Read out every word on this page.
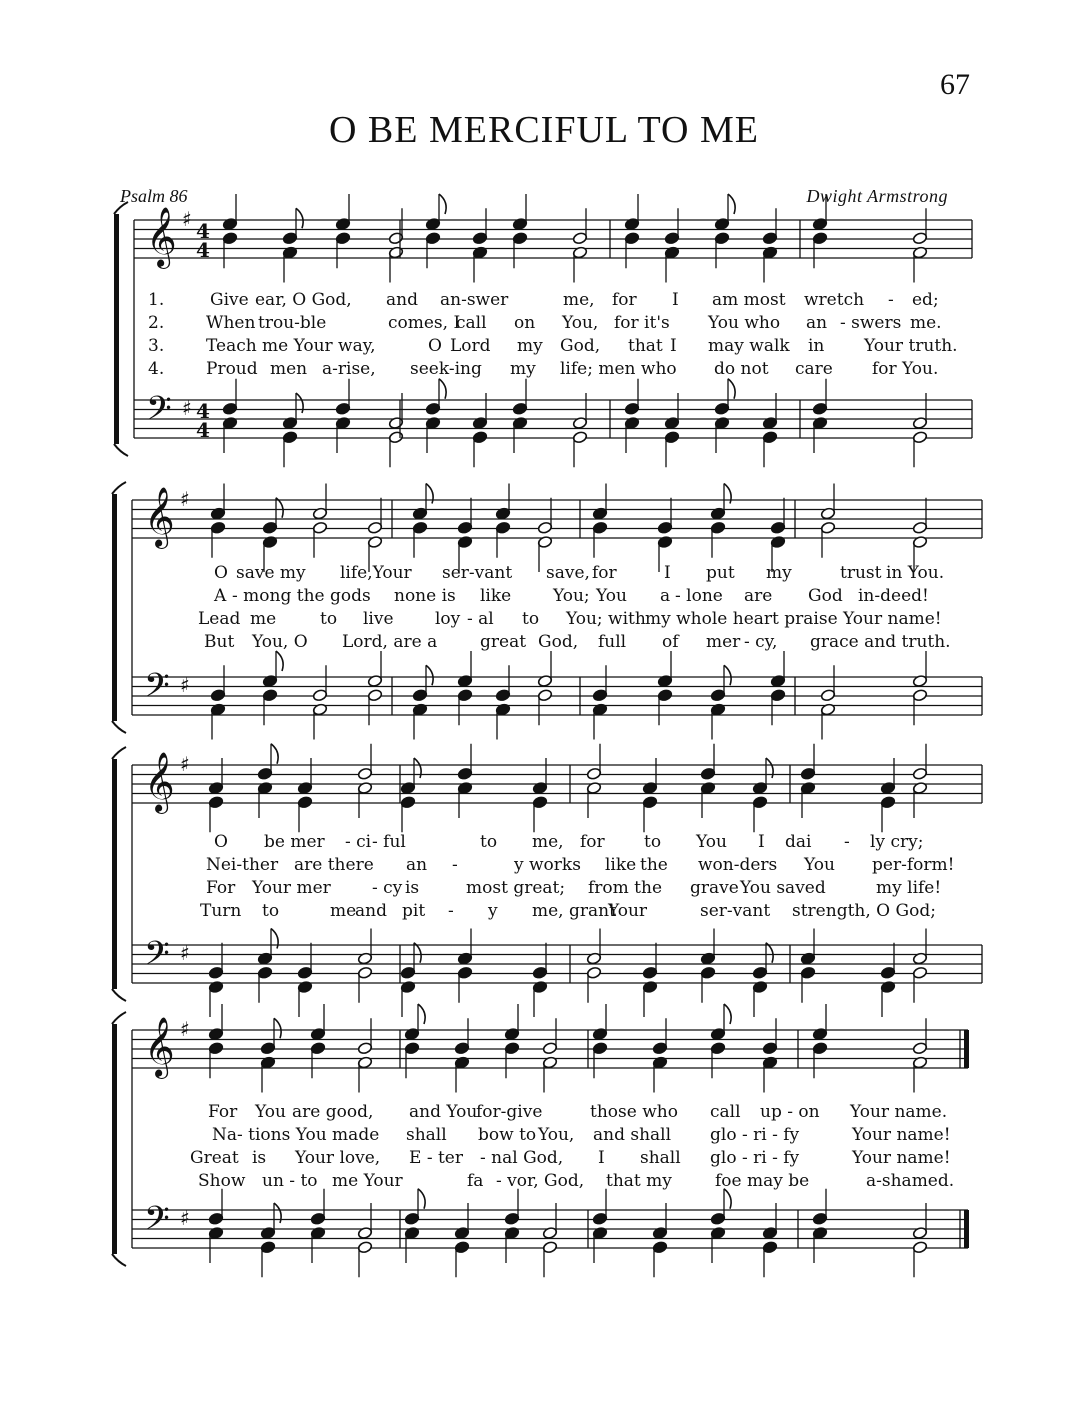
67
O BE MERCIFUL TO ME
Psalm 86	Dwight Armstrong
𝄞 ♯ 4
4
𝄢 ♯ 4
4
𝄞 ♯
𝄢 ♯
𝄞 ♯
𝄢 ♯
𝄞 ♯
𝄢 ♯
1.	Give ear, O God, and an-swer	me, for I am most wretch - ed;
2. When trou-ble	comes, I
call on You, for it's You who an - swers me.
3. Teach me Your way,	O Lord my God, that I may walk in Your truth.
4. Proud men a-rise, seek-ing my life; men who do not care for You.
O save my life,Your ser-vant save, for	I put my	trust in You.
A - mong the gods none is like You; You a - lone are God in-deed!
Lead me	to live loy - al to You; with my whole heart praise Your name!
But You, O Lord, are a	great God, full of mer - cy, grace and truth.
O be mer - ci - ful	to me, for to You I dai - ly cry;
Nei-ther are there an -	y works like the won-ders You per-form!
For Your mer - cy is	most great; from the grave You saved	my life!
Turn to	me
and pit - y me, grant
Your	ser-vant strength, O God;
For You are good, and You
for-give	those who call up - on Your name.
Na - tions You made shall bow to You, and shall glo - ri - fy	Your name!
Great is Your love, E - ter - nal God, I shall glo - ri - fy	Your name!
Show un - to me Your	fa - vor, God, that my	foe may be	a-shamed.
